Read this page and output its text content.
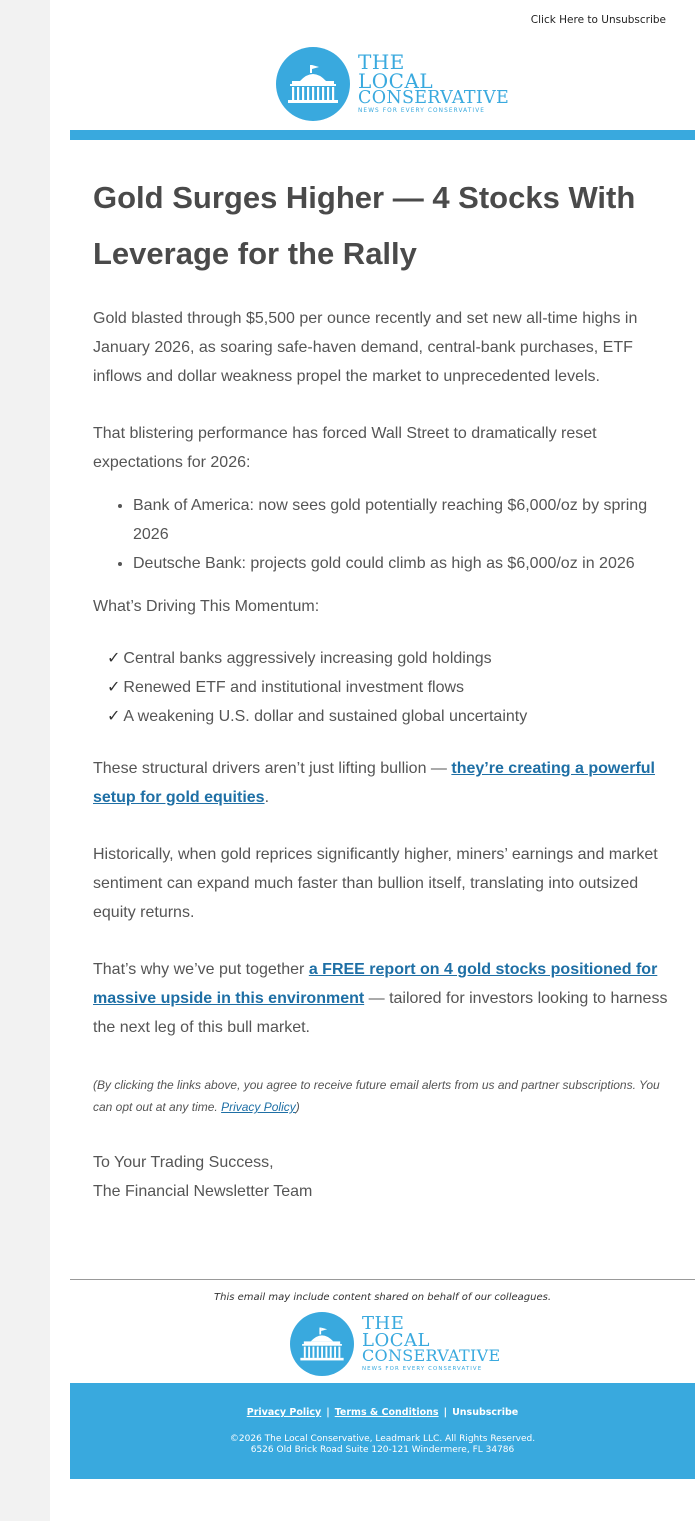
Click Here to Unsubscribe
THE
LOCAL
CONSERVATIVE
NEWS FOR EVERY CONSERVATIVE
Gold Surges Higher — 4 Stocks With Leverage for the Rally

Gold blasted through $5,500 per ounce recently and set new all-time highs in January 2026, as soaring safe-haven demand, central-bank purchases, ETF inflows and dollar weakness propel the market to unprecedented levels.

That blistering performance has forced Wall Street to dramatically reset expectations for 2026:

• Bank of America: now sees gold potentially reaching $6,000/oz by spring 2026
• Deutsche Bank: projects gold could climb as high as $6,000/oz in 2026

What’s Driving This Momentum:

✓ Central banks aggressively increasing gold holdings
✓ Renewed ETF and institutional investment flows
✓ A weakening U.S. dollar and sustained global uncertainty

These structural drivers aren’t just lifting bullion — they’re creating a powerful setup for gold equities.

Historically, when gold reprices significantly higher, miners’ earnings and market sentiment can expand much faster than bullion itself, translating into outsized equity returns.

That’s why we’ve put together a FREE report on 4 gold stocks positioned for massive upside in this environment — tailored for investors looking to harness the next leg of this bull market.

(By clicking the links above, you agree to receive future email alerts from us and partner subscriptions. You can opt out at any time. Privacy Policy)

To Your Trading Success,
The Financial Newsletter Team
This email may include content shared on behalf of our colleagues.
THE
LOCAL
CONSERVATIVE
NEWS FOR EVERY CONSERVATIVE
Privacy Policy | Terms & Conditions | Unsubscribe
©2026 The Local Conservative, Leadmark LLC. All Rights Reserved.
6526 Old Brick Road Suite 120-121 Windermere, FL 34786
